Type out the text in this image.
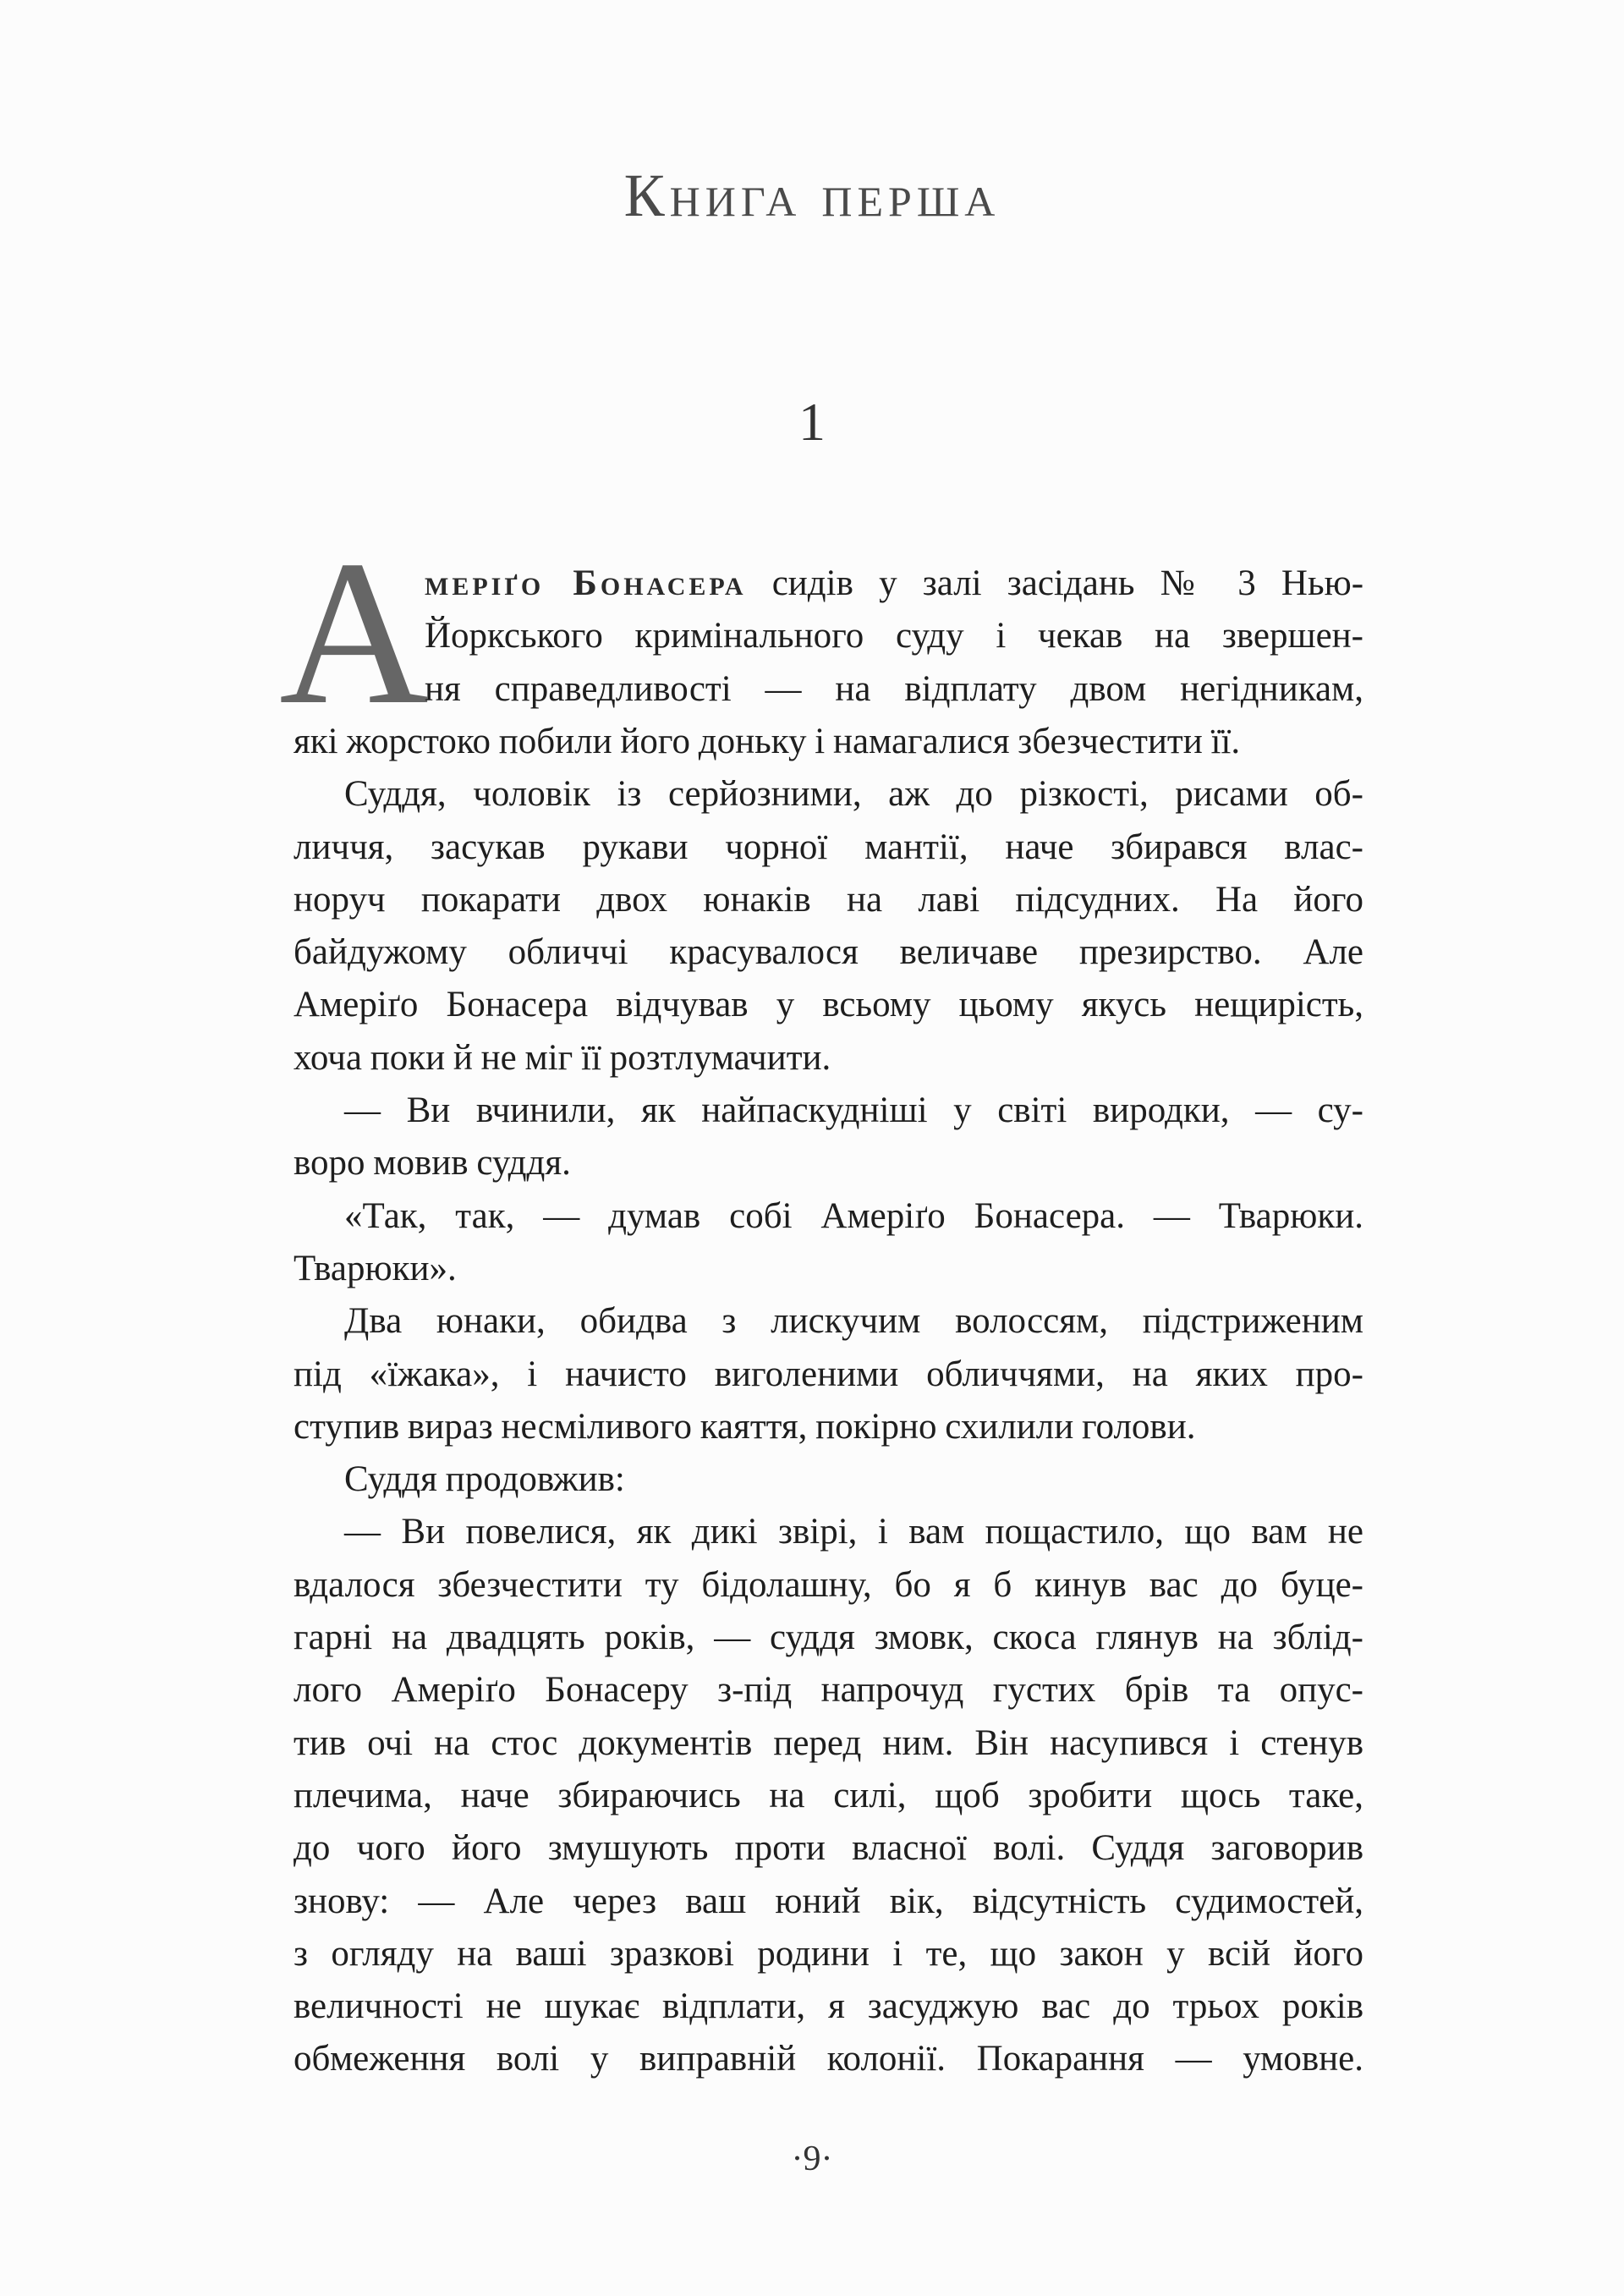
Книга перша
1
А
меріґо Бонасера сидів у залі засідань № 3 Нью-
Йоркського кримінального суду і чекав на звершен-
ня справедливості — на відплату двом негідникам,
які жорстоко побили його доньку і намагалися збезчестити її.
Суддя, чоловік із серйозними, аж до різкості, рисами об-
личчя, засукав рукави чорної мантії, наче збирався влас-
норуч покарати двох юнаків на лаві підсудних. На його
байдужому обличчі красувалося величаве презирство. Але
Амеріґо Бонасера відчував у всьому цьому якусь нещирість,
хоча поки й не міг її розтлумачити.
— Ви вчинили, як найпаскудніші у світі виродки, — су-
воро мовив суддя.
«Так, так, — думав собі Амеріґо Бонасера. — Тварюки.
Тварюки».
Два юнаки, обидва з лискучим волоссям, підстриженим
під «їжака», і начисто виголеними обличчями, на яких про-
ступив вираз несміливого каяття, покірно схилили голови.
Суддя продовжив:
— Ви повелися, як дикі звірі, і вам пощастило, що вам не
вдалося збезчестити ту бідолашну, бо я б кинув вас до буце-
гарні на двадцять років, — суддя змовк, скоса глянув на зблід-
лого Амеріґо Бонасеру з-під напрочуд густих брів та опус-
тив очі на стос документів перед ним. Він насупився і стенув
плечима, наче збираючись на силі, щоб зробити щось таке,
до чого його змушують проти власної волі. Суддя заговорив
знову: — Але через ваш юний вік, відсутність судимостей,
з огляду на ваші зразкові родини і те, що закон у всій його
величності не шукає відплати, я засуджую вас до трьох років
обмеження волі у виправній колонії. Покарання — умовне.
·9·
